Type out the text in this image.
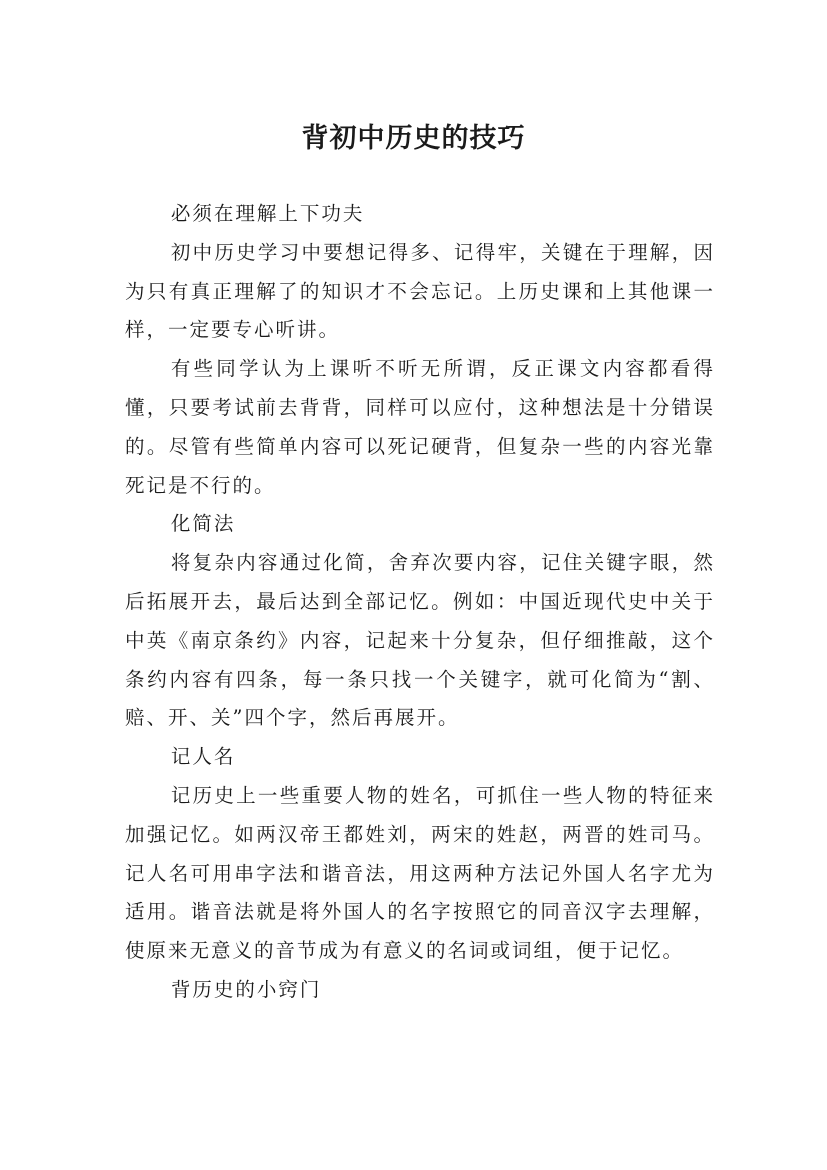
背初中历史的技巧

必须在理解上下功夫

初中历史学习中要想记得多、记得牢，关键在于理解，因为只有真正理解了的知识才不会忘记。上历史课和上其他课一样，一定要专心听讲。

有些同学认为上课听不听无所谓，反正课文内容都看得懂，只要考试前去背背，同样可以应付，这种想法是十分错误的。尽管有些简单内容可以死记硬背，但复杂一些的内容光靠死记是不行的。

化简法

将复杂内容通过化简，舍弃次要内容，记住关键字眼，然后拓展开去，最后达到全部记忆。例如：中国近现代史中关于中英《南京条约》内容，记起来十分复杂，但仔细推敲，这个条约内容有四条，每一条只找一个关键字，就可化简为“割、赔、开、关”四个字，然后再展开。

记人名

记历史上一些重要人物的姓名，可抓住一些人物的特征来加强记忆。如两汉帝王都姓刘，两宋的姓赵，两晋的姓司马。记人名可用串字法和谐音法，用这两种方法记外国人名字尤为适用。谐音法就是将外国人的名字按照它的同音汉字去理解，使原来无意义的音节成为有意义的名词或词组，便于记忆。

背历史的小窍门
